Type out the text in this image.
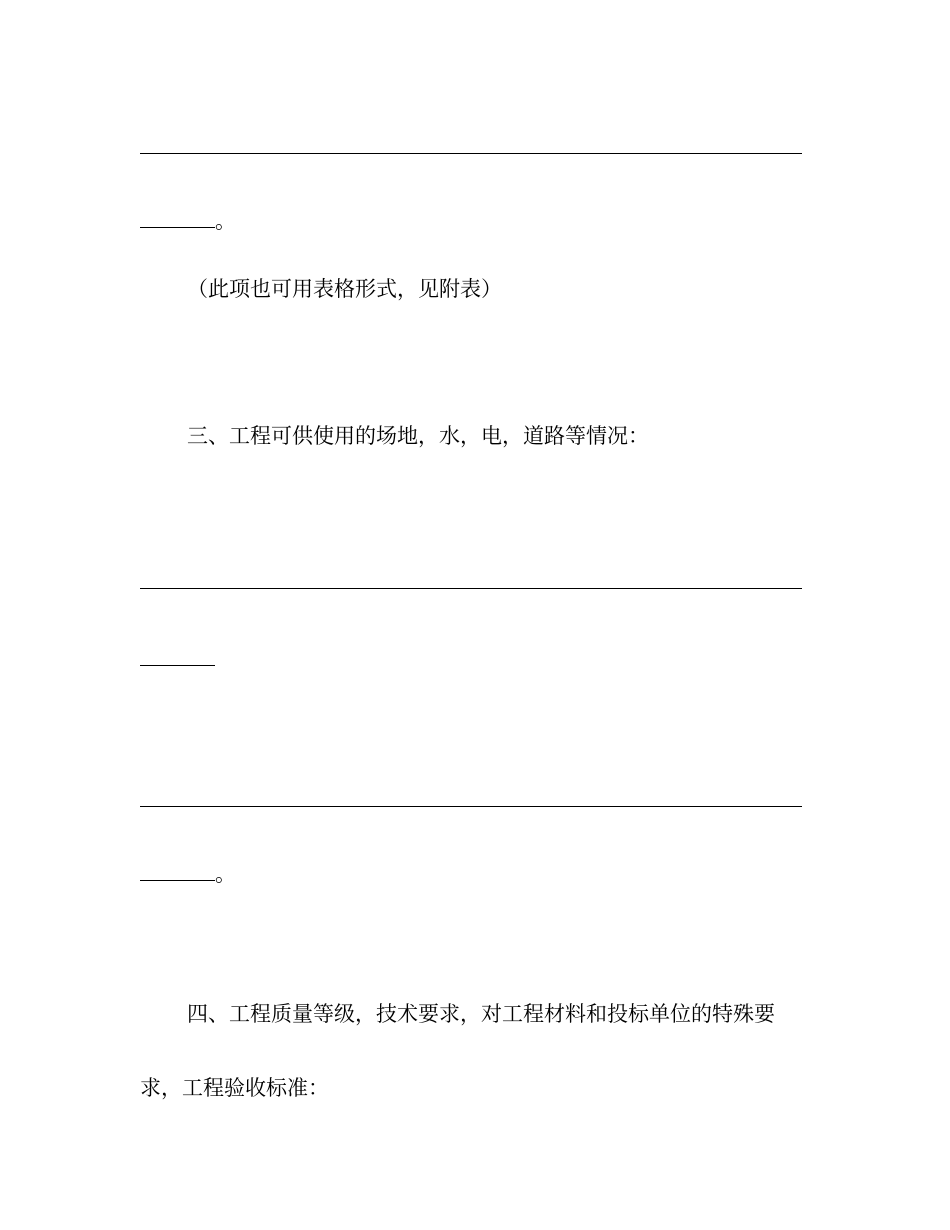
。
（此项也可用表格形式，见附表）
三、工程可供使用的场地，水，电，道路等情况：
。
四、工程质量等级，技术要求，对工程材料和投标单位的特殊要
求，工程验收标准：
